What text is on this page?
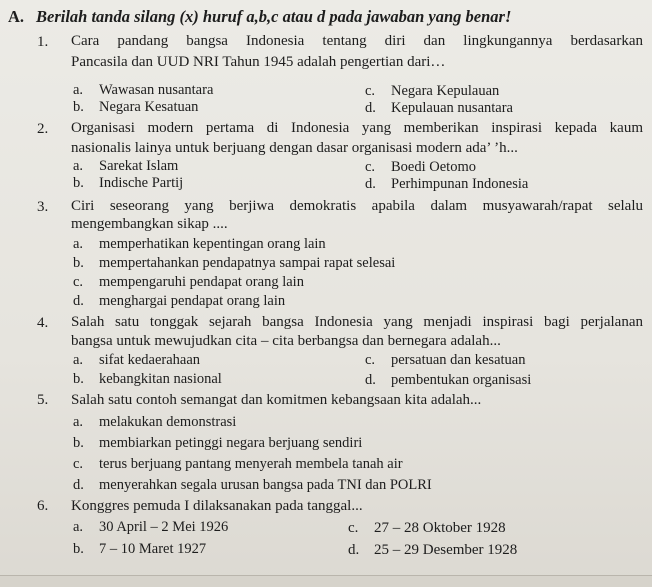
A. Berilah tanda silang (x) huruf a,b,c atau d pada jawaban yang benar!
1. Cara pandang bangsa Indonesia tentang diri dan lingkungannya berdasarkan
Pancasila dan UUD NRI Tahun 1945 adalah pengertian dari…
a. Wawasan nusantara
b. Negara Kesatuan
c. Negara Kepulauan
d. Kepulauan nusantara
2. Organisasi modern pertama di Indonesia yang memberikan inspirasi kepada kaum
nasionalis lainya untuk berjuang dengan dasar organisasi modern ada’ ’h...
a. Sarekat Islam
b. Indische Partij
c. Boedi Oetomo
d. Perhimpunan Indonesia
3. Ciri seseorang yang berjiwa demokratis apabila dalam musyawarah/rapat selalu
mengembangkan sikap ....
a. memperhatikan kepentingan orang lain
b. mempertahankan pendapatnya sampai rapat selesai
c. mempengaruhi pendapat orang lain
d. menghargai pendapat orang lain
4. Salah satu tonggak sejarah bangsa Indonesia yang menjadi inspirasi bagi perjalanan
bangsa untuk mewujudkan cita – cita berbangsa dan bernegara adalah...
a. sifat kedaerahaan
b. kebangkitan nasional
c. persatuan dan kesatuan
d. pembentukan organisasi
5. Salah satu contoh semangat dan komitmen kebangsaan kita adalah...
a. melakukan demonstrasi
b. membiarkan petinggi negara berjuang sendiri
c. terus berjuang pantang menyerah membela tanah air
d. menyerahkan segala urusan bangsa pada TNI dan POLRI
6. Konggres pemuda I dilaksanakan pada tanggal...
a. 30 April – 2 Mei 1926
b. 7 – 10 Maret 1927
c. 27 – 28 Oktober 1928
d. 25 – 29 Desember 1928
